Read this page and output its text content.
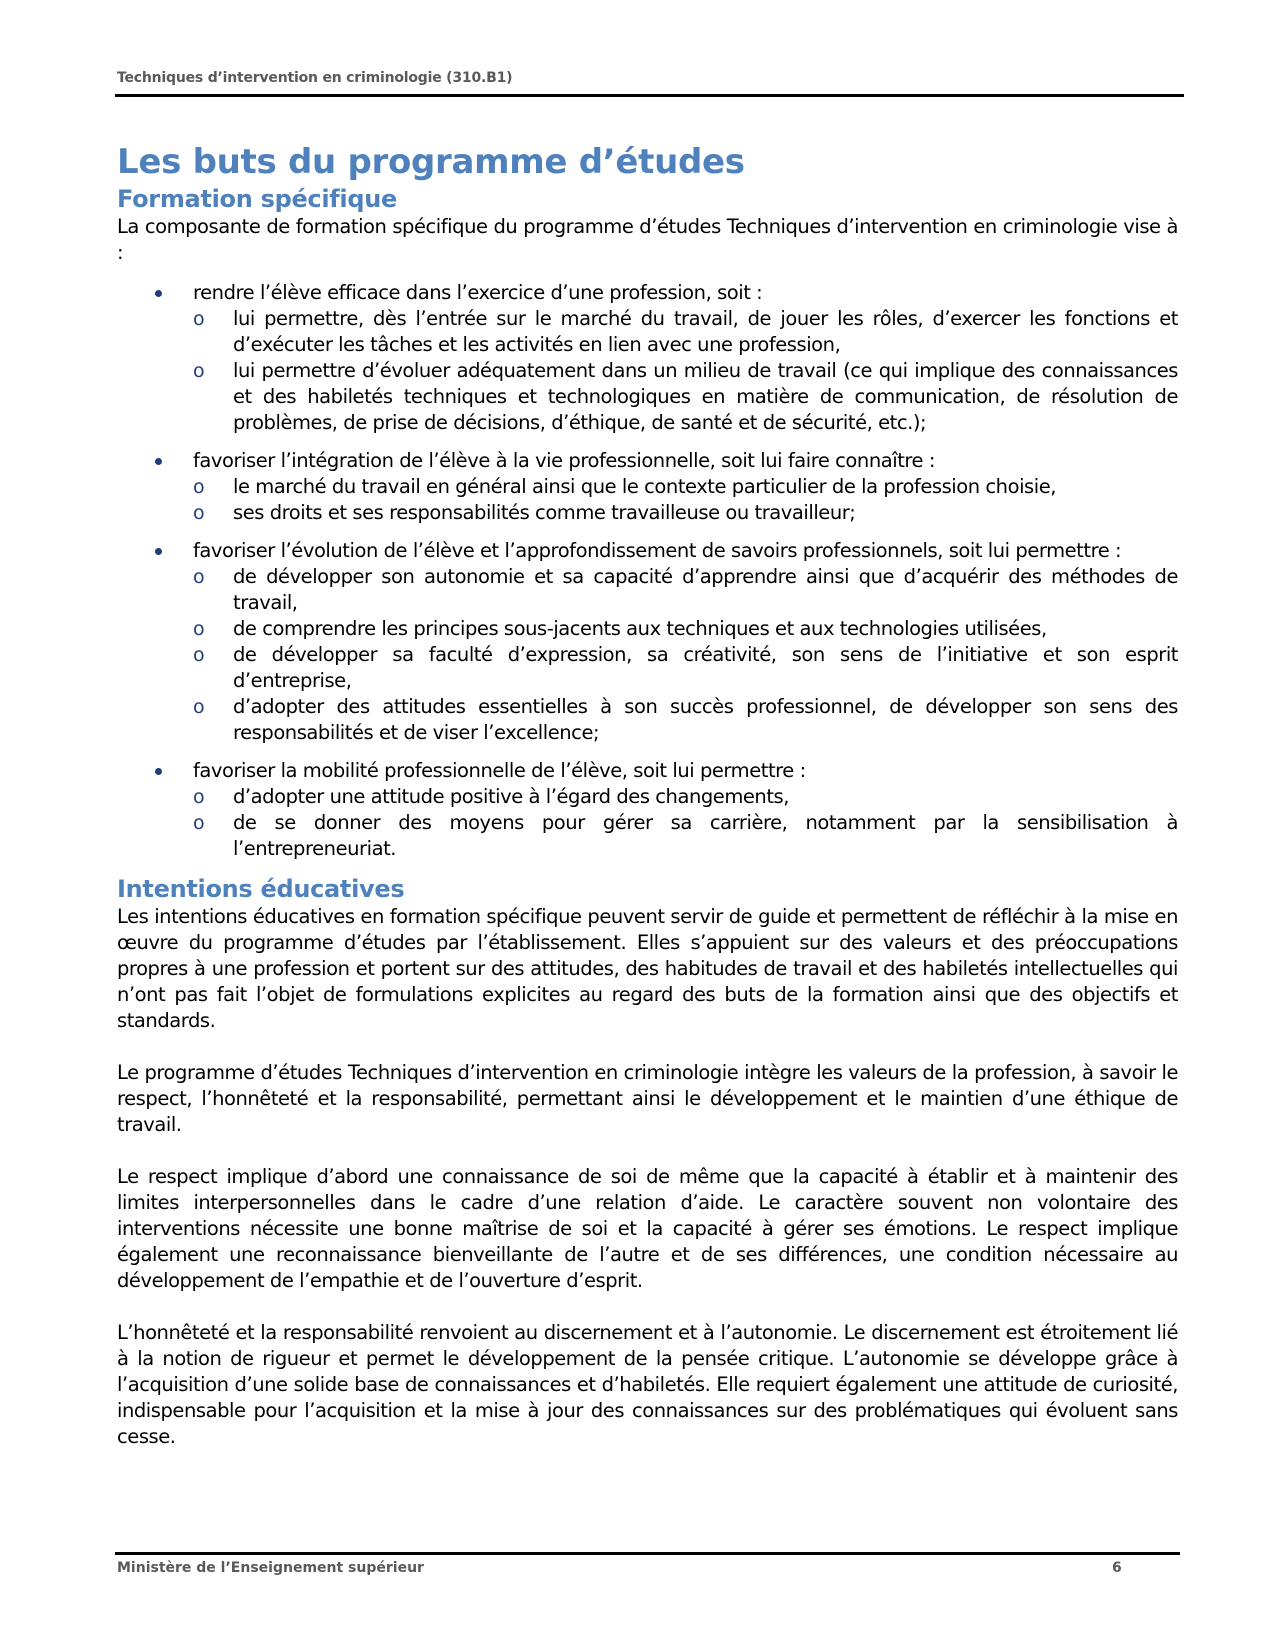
Techniques d’intervention en criminologie (310.B1)
Les buts du programme d’études
Formation spécifique

La composante de formation spécifique du programme d’études Techniques d’intervention en criminologie vise à :

rendre l’élève efficace dans l’exercice d’une profession, soit :
o lui permettre, dès l’entrée sur le marché du travail, de jouer les rôles, d’exercer les fonctions et d’exécuter les tâches et les activités en lien avec une profession,
o lui permettre d’évoluer adéquatement dans un milieu de travail (ce qui implique des connaissances et des habiletés techniques et technologiques en matière de communication, de résolution de problèmes, de prise de décisions, d’éthique, de santé et de sécurité, etc.);
favoriser l’intégration de l’élève à la vie professionnelle, soit lui faire connaître :
o le marché du travail en général ainsi que le contexte particulier de la profession choisie,
o ses droits et ses responsabilités comme travailleuse ou travailleur;
favoriser l’évolution de l’élève et l’approfondissement de savoirs professionnels, soit lui permettre :
o de développer son autonomie et sa capacité d’apprendre ainsi que d’acquérir des méthodes de travail,
o de comprendre les principes sous-jacents aux techniques et aux technologies utilisées,
o de développer sa faculté d’expression, sa créativité, son sens de l’initiative et son esprit d’entreprise,
o d’adopter des attitudes essentielles à son succès professionnel, de développer son sens des responsabilités et de viser l’excellence;
favoriser la mobilité professionnelle de l’élève, soit lui permettre :
o d’adopter une attitude positive à l’égard des changements,
o de se donner des moyens pour gérer sa carrière, notamment par la sensibilisation à l’entrepreneuriat.
Intentions éducatives

Les intentions éducatives en formation spécifique peuvent servir de guide et permettent de réfléchir à la mise en œuvre du programme d’études par l’établissement. Elles s’appuient sur des valeurs et des préoccupations propres à une profession et portent sur des attitudes, des habitudes de travail et des habiletés intellectuelles qui n’ont pas fait l’objet de formulations explicites au regard des buts de la formation ainsi que des objectifs et standards.

Le programme d’études Techniques d’intervention en criminologie intègre les valeurs de la profession, à savoir le respect, l’honnêteté et la responsabilité, permettant ainsi le développement et le maintien d’une éthique de travail.

Le respect implique d’abord une connaissance de soi de même que la capacité à établir et à maintenir des limites interpersonnelles dans le cadre d’une relation d’aide. Le caractère souvent non volontaire des interventions nécessite une bonne maîtrise de soi et la capacité à gérer ses émotions. Le respect implique également une reconnaissance bienveillante de l’autre et de ses différences, une condition nécessaire au développement de l’empathie et de l’ouverture d’esprit.

L’honnêteté et la responsabilité renvoient au discernement et à l’autonomie. Le discernement est étroitement lié à la notion de rigueur et permet le développement de la pensée critique. L’autonomie se développe grâce à l’acquisition d’une solide base de connaissances et d’habiletés. Elle requiert également une attitude de curiosité, indispensable pour l’acquisition et la mise à jour des connaissances sur des problématiques qui évoluent sans cesse.

Ministère de l’Enseignement supérieur	6
